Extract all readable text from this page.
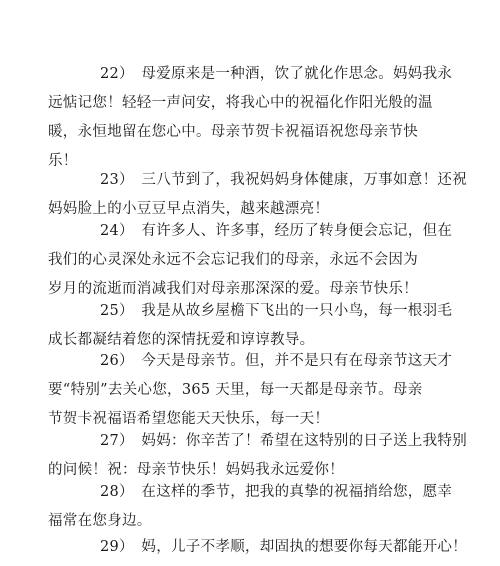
22）　母爱原来是一种酒，饮了就化作思念。妈妈我永
远惦记您！轻轻一声问安，将我心中的祝福化作阳光般的温
暖，永恒地留在您心中。母亲节贺卡祝福语祝您母亲节快
乐！

23）　三八节到了，我祝妈妈身体健康，万事如意！还祝
妈妈脸上的小豆豆早点消失，越来越漂亮！

24）　有许多人、许多事，经历了转身便会忘记，但在
我们的心灵深处永远不会忘记我们的母亲，永远不会因为
岁月的流逝而消减我们对母亲那深深的爱。母亲节快乐！

25）　我是从故乡屋檐下飞出的一只小鸟，每一根羽毛
成长都凝结着您的深情抚爱和谆谆教导。

26）　今天是母亲节。但，并不是只有在母亲节这天才
要“特别”去关心您，365 天里，每一天都是母亲节。母亲
节贺卡祝福语希望您能天天快乐，每一天！

27）　妈妈：你辛苦了！希望在这特别的日子送上我特别
的问候！祝：母亲节快乐！妈妈我永远爱你！

28）　在这样的季节，把我的真挚的祝福捎给您，愿幸
福常在您身边。

29）　妈，儿子不孝顺，却固执的想要你每天都能开心！
